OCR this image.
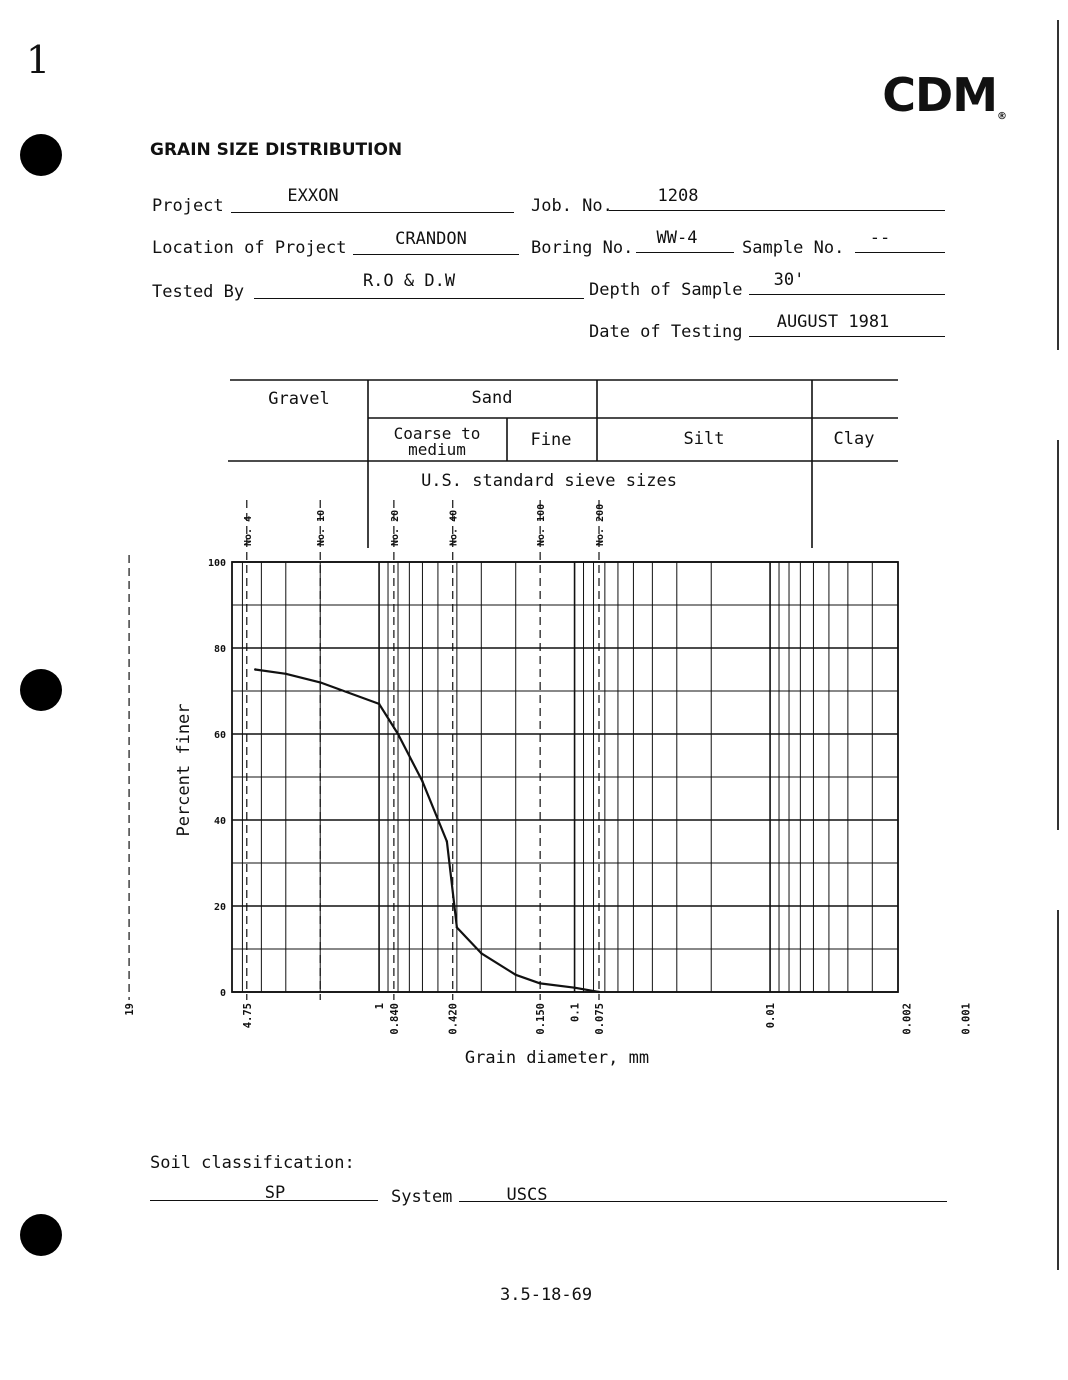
1
CDM®
GRAIN SIZE DISTRIBUTION
Project	EXXON	Job. No.	1208
Location of Project	CRANDON	Boring No. WW-4	Sample No. --
Tested By
R.O & D.W	Depth of Sample 30'
Date of Testing AUGUST 1981
Gravel	Sand
Coarse to
medium	Fine	Silt	Clay
U.S. standard sieve sizes
No. 4	No. 10	No. 20	No. 40	No. 100	No. 200
0
20
40
60
80
100
19	4.75	1 0.840	0.420	0.150 0.1 0.075	0.01	0.002	0.001
Percent finer
Grain diameter, mm
Soil classification:
SP	System	USCS
3.5-18-69
